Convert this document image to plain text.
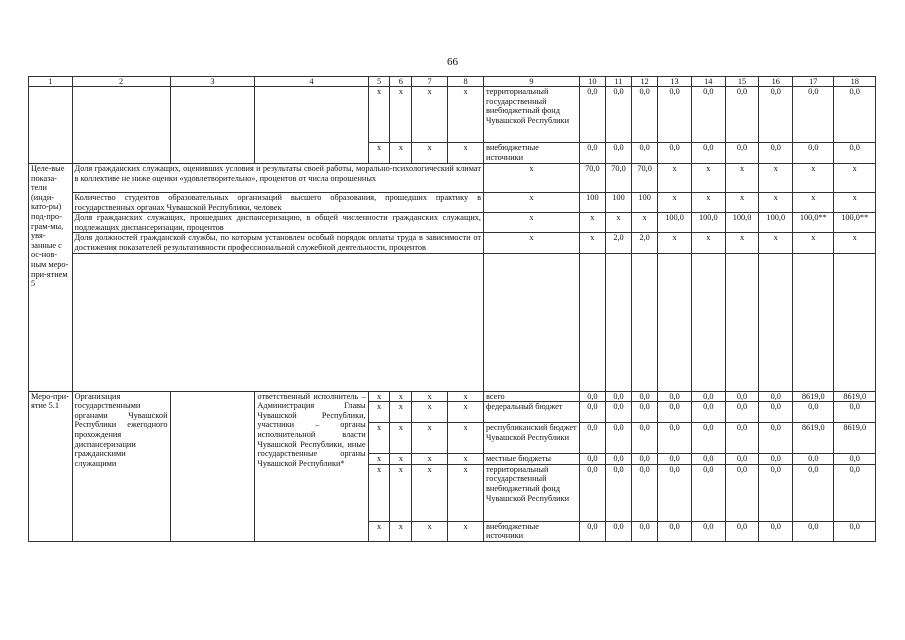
66
1	2	3	4	5	6	7	8	9	10	11	12	13	14	15	16	17	18
				х	х	х	х	территориальный государственный внебюджетный фонд Чувашской Республики	0,0	0,0	0,0	0,0	0,0	0,0	0,0	0,0	0,0
				х	х	х	х	внебюджетные источники	0,0	0,0	0,0	0,0	0,0	0,0	0,0	0,0	0,0
Целе-вые показа-тели (инди-като-ры) под-про-грам-мы, увя-занные с ос-нов-ным меро-при-ятием 5	Доля гражданских служащих, оценивших условия и результаты своей работы, морально-психологический климат в коллективе не ниже оценки «удовлетворительно», процентов от числа опрошенных							х	70,0	70,0	70,0	х	х	х	х	х	х
	Количество студентов образовательных организаций высшего образования, прошедших практику в государственных органах Чувашской Республики, человек							х	100	100	100	х	х	х	х	х	х
	Доля гражданских служащих, прошедших диспансеризацию, в общей численности гражданских служащих, подлежащих диспансеризации, процентов							х	х	х	х	100,0	100,0	100,0	100,0	100,0**	100,0**
	Доля должностей гражданской службы, по которым установлен особый порядок оплаты труда в зависимости от достижения показателей результативности профессиональной служебной деятельности, процентов							х	х	2,0	2,0	х	х	х	х	х	х

Меро-при-ятие 5.1	Организация государственными органами Чувашской Республики ежегодного прохождения диспансеризации гражданскими служащими		ответственный исполнитель – Администрация Главы Чувашской Республики, участники – органы исполнительной власти Чувашской Республики, иные государственные органы Чувашской Республики*	х	х	х	х	всего	0,0	0,0	0,0	0,0	0,0	0,0	0,0	8619,0	8619,0
				х	х	х	х	федеральный бюджет	0,0	0,0	0,0	0,0	0,0	0,0	0,0	0,0	0,0
				х	х	х	х	республиканский бюджет Чувашской Республики	0,0	0,0	0,0	0,0	0,0	0,0	0,0	8619,0	8619,0
				х	х	х	х	местные бюджеты	0,0	0,0	0,0	0,0	0,0	0,0	0,0	0,0	0,0
				х	х	х	х	территориальный государственный внебюджетный фонд Чувашской Республики	0,0	0,0	0,0	0,0	0,0	0,0	0,0	0,0	0,0
				х	х	х	х	внебюджетные источники	0,0	0,0	0,0	0,0	0,0	0,0	0,0	0,0	0,0
